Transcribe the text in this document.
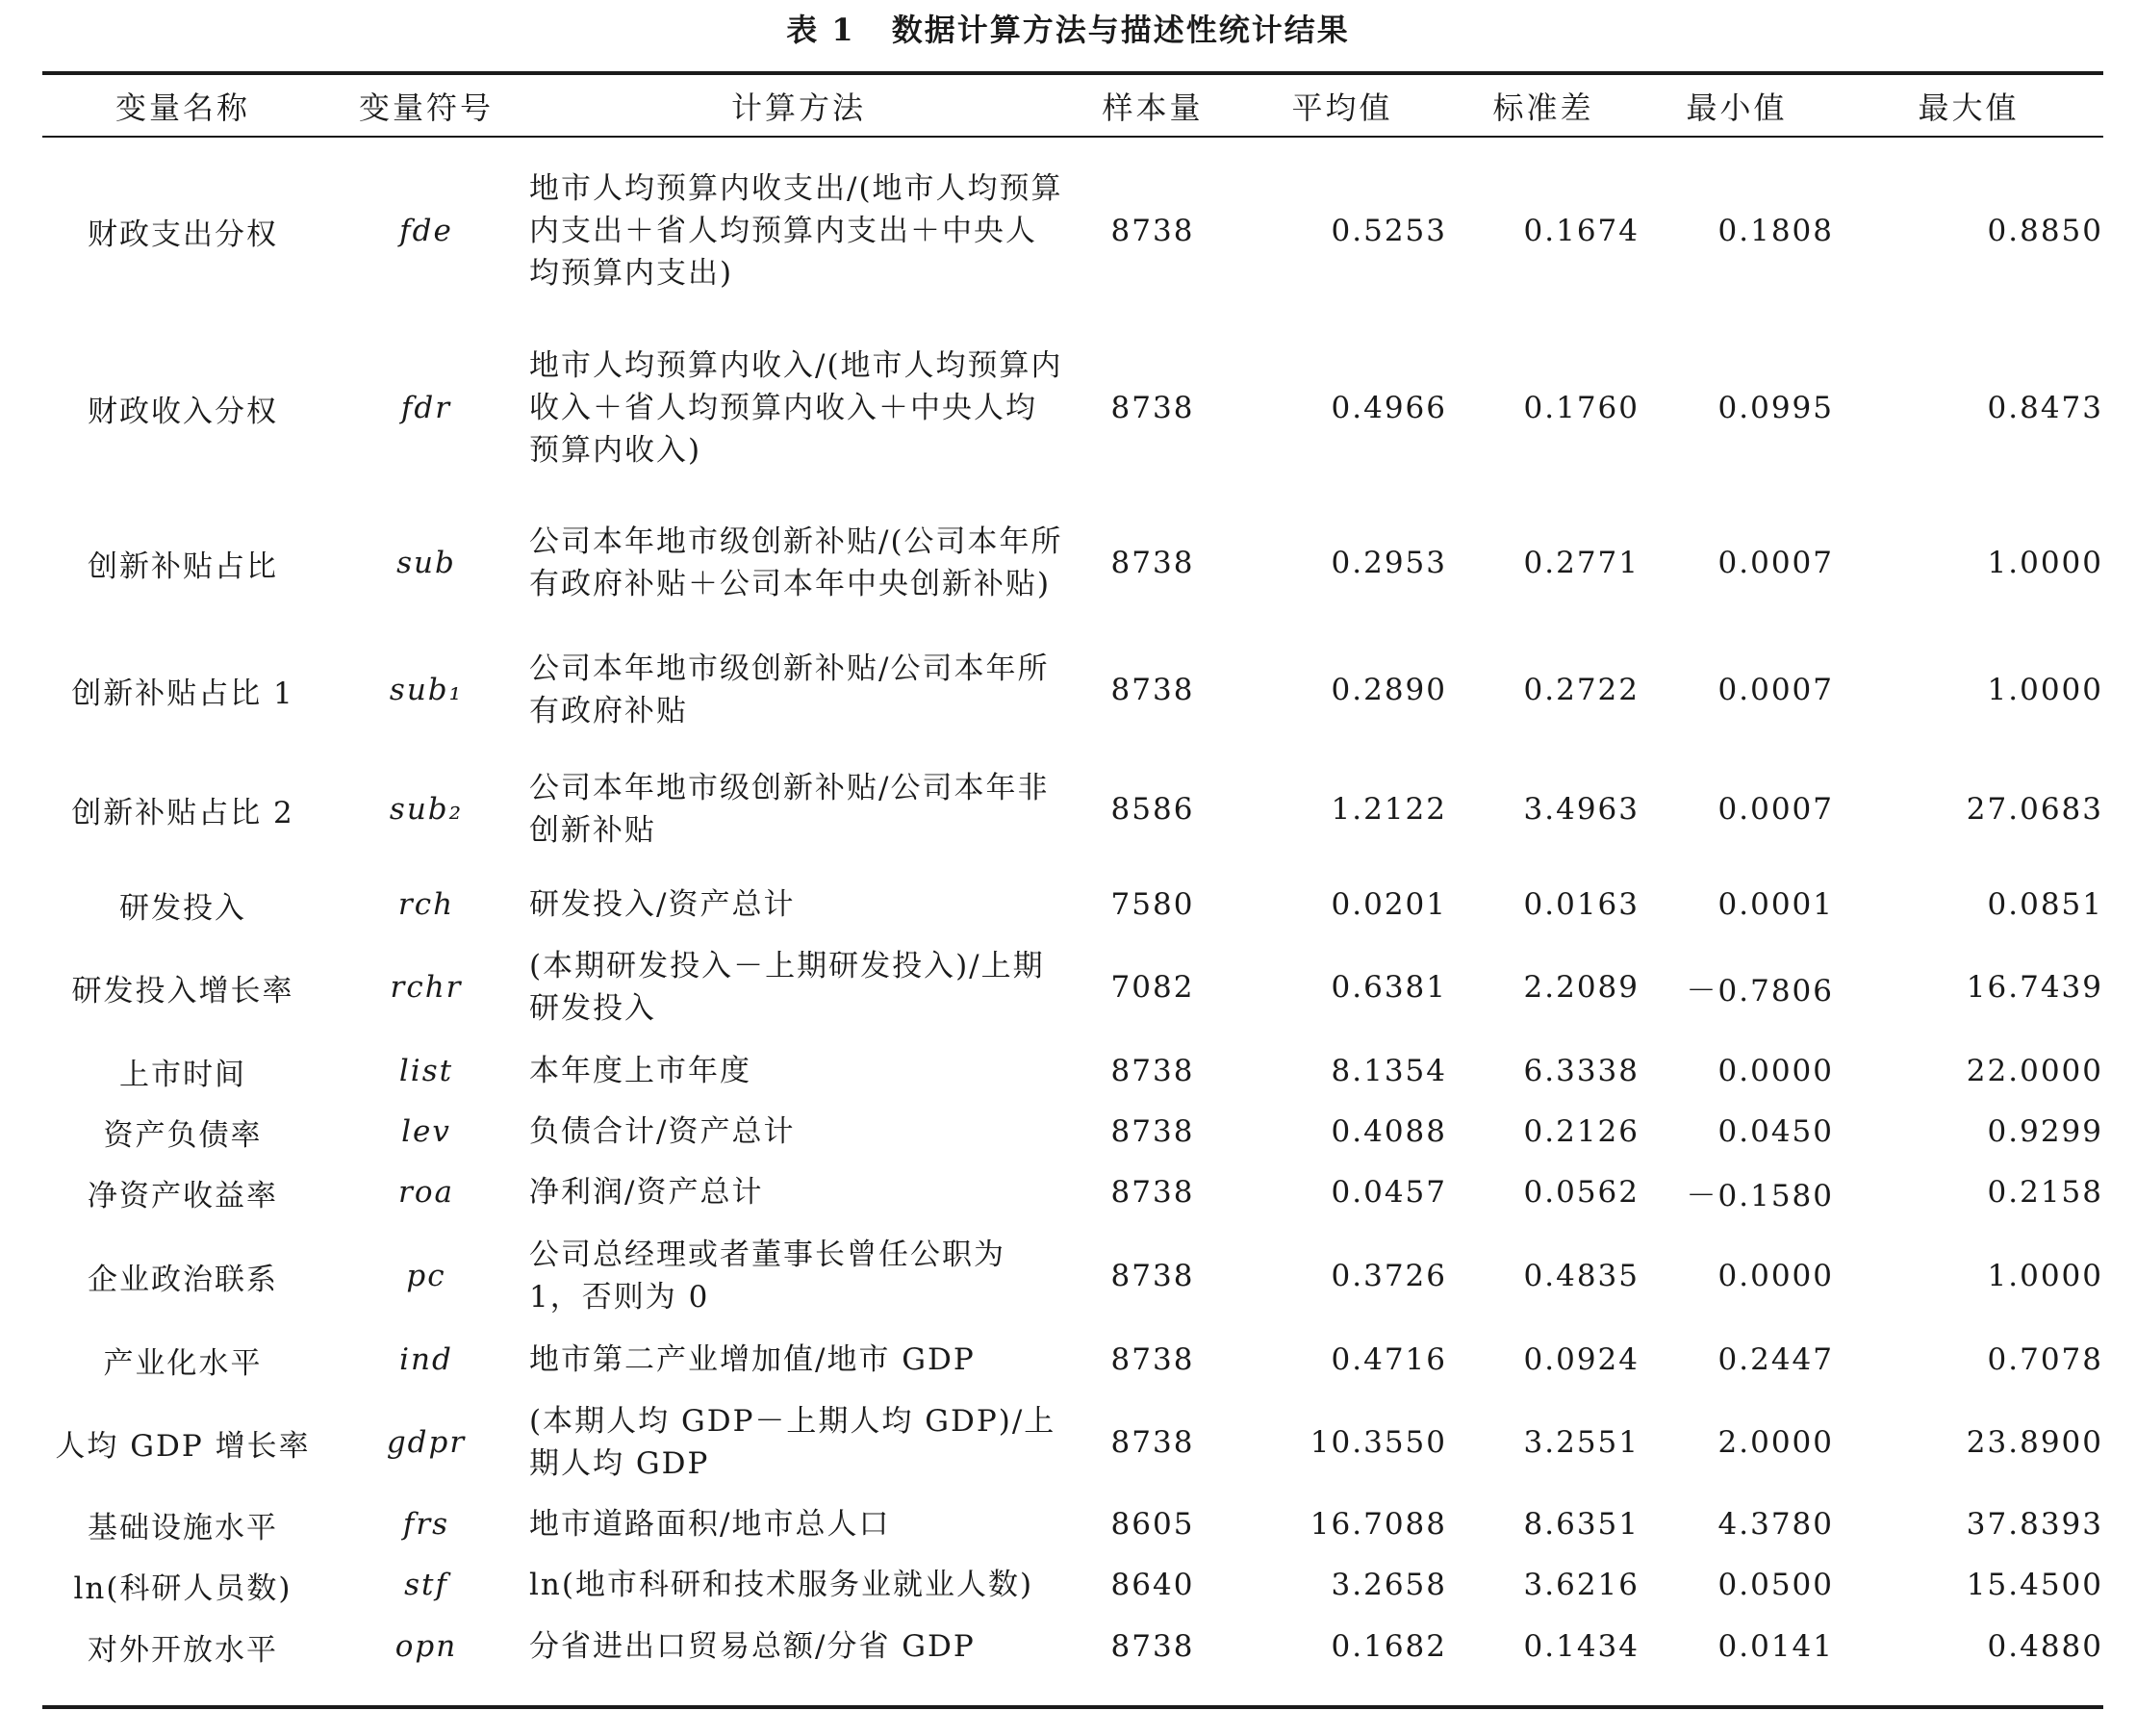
表 1 数据计算方法与描述性统计结果
变量名称	变量符号	计算方法	样本量	平均值	标准差	最小值	最大值
财政支出分权	fde	地市人均预算内收支出/(地市人均预算内支出＋省人均预算内支出＋中央人均预算内支出)	8738	0.5253	0.1674	0.1808	0.8850
财政收入分权	fdr	地市人均预算内收入/(地市人均预算内收入＋省人均预算内收入＋中央人均预算内收入)	8738	0.4966	0.1760	0.0995	0.8473
创新补贴占比	sub	公司本年地市级创新补贴/(公司本年所有政府补贴＋公司本年中央创新补贴)	8738	0.2953	0.2771	0.0007	1.0000
创新补贴占比 1	sub₁	公司本年地市级创新补贴/公司本年所有政府补贴	8738	0.2890	0.2722	0.0007	1.0000
创新补贴占比 2	sub₂	公司本年地市级创新补贴/公司本年非创新补贴	8586	1.2122	3.4963	0.0007	27.0683
研发投入	rch	研发投入/资产总计	7580	0.0201	0.0163	0.0001	0.0851
研发投入增长率	rchr	(本期研发投入－上期研发投入)/上期研发投入	7082	0.6381	2.2089	－0.7806	16.7439
上市时间	list	本年度上市年度	8738	8.1354	6.3338	0.0000	22.0000
资产负债率	lev	负债合计/资产总计	8738	0.4088	0.2126	0.0450	0.9299
净资产收益率	roa	净利润/资产总计	8738	0.0457	0.0562	－0.1580	0.2158
企业政治联系	pc	公司总经理或者董事长曾任公职为 1，否则为 0	8738	0.3726	0.4835	0.0000	1.0000
产业化水平	ind	地市第二产业增加值/地市 GDP	8738	0.4716	0.0924	0.2447	0.7078
人均 GDP 增长率	gdpr	(本期人均 GDP－上期人均 GDP)/上期人均 GDP	8738	10.3550	3.2551	2.0000	23.8900
基础设施水平	frs	地市道路面积/地市总人口	8605	16.7088	8.6351	4.3780	37.8393
ln(科研人员数)	stf	ln(地市科研和技术服务业就业人数)	8640	3.2658	3.6216	0.0500	15.4500
对外开放水平	opn	分省进出口贸易总额/分省 GDP	8738	0.1682	0.1434	0.0141	0.4880
